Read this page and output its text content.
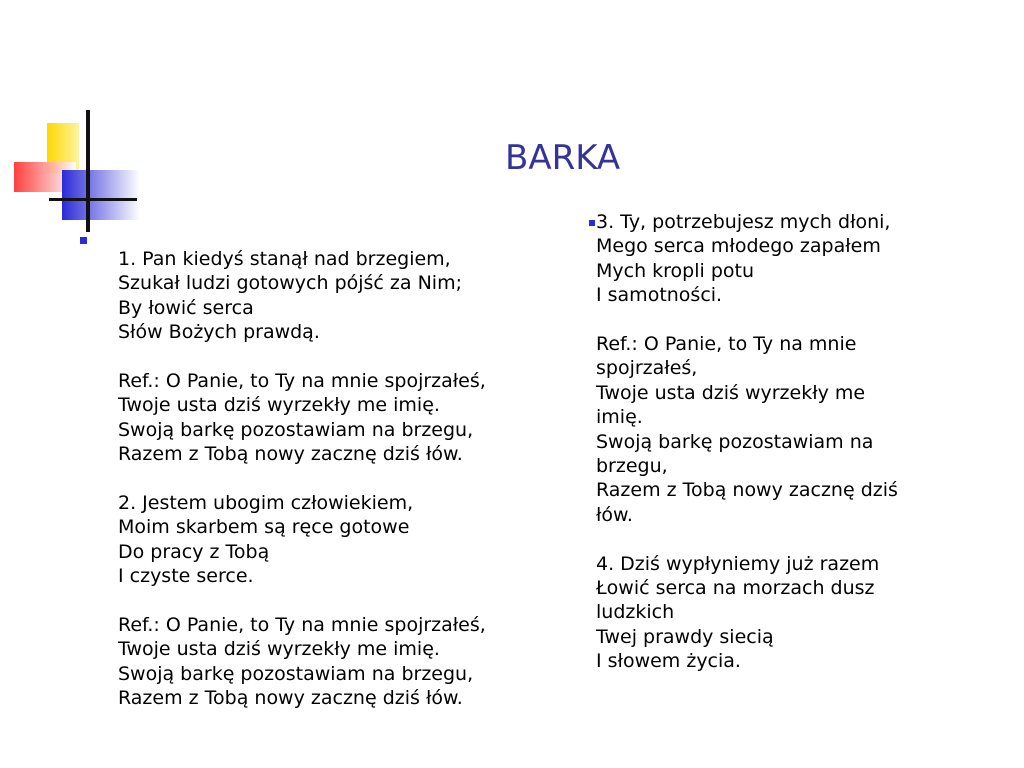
BARKA
1. Pan kiedyś stanął nad brzegiem,
Szukał ludzi gotowych pójść za Nim;
By łowić serca
Słów Bożych prawdą.
Ref.: O Panie, to Ty na mnie spojrzałeś,
Twoje usta dziś wyrzekły me imię.
Swoją barkę pozostawiam na brzegu,
Razem z Tobą nowy zacznę dziś łów.
2. Jestem ubogim człowiekiem,
Moim skarbem są ręce gotowe
Do pracy z Tobą
I czyste serce.
Ref.: O Panie, to Ty na mnie spojrzałeś,
Twoje usta dziś wyrzekły me imię.
Swoją barkę pozostawiam na brzegu,
Razem z Tobą nowy zacznę dziś łów.
3. Ty, potrzebujesz mych dłoni,
Mego serca młodego zapałem
Mych kropli potu
I samotności.
Ref.: O Panie, to Ty na mnie
spojrzałeś,
Twoje usta dziś wyrzekły me
imię.
Swoją barkę pozostawiam na
brzegu,
Razem z Tobą nowy zacznę dziś
łów.
4. Dziś wypłyniemy już razem
Łowić serca na morzach dusz
ludzkich
Twej prawdy siecią
I słowem życia.
